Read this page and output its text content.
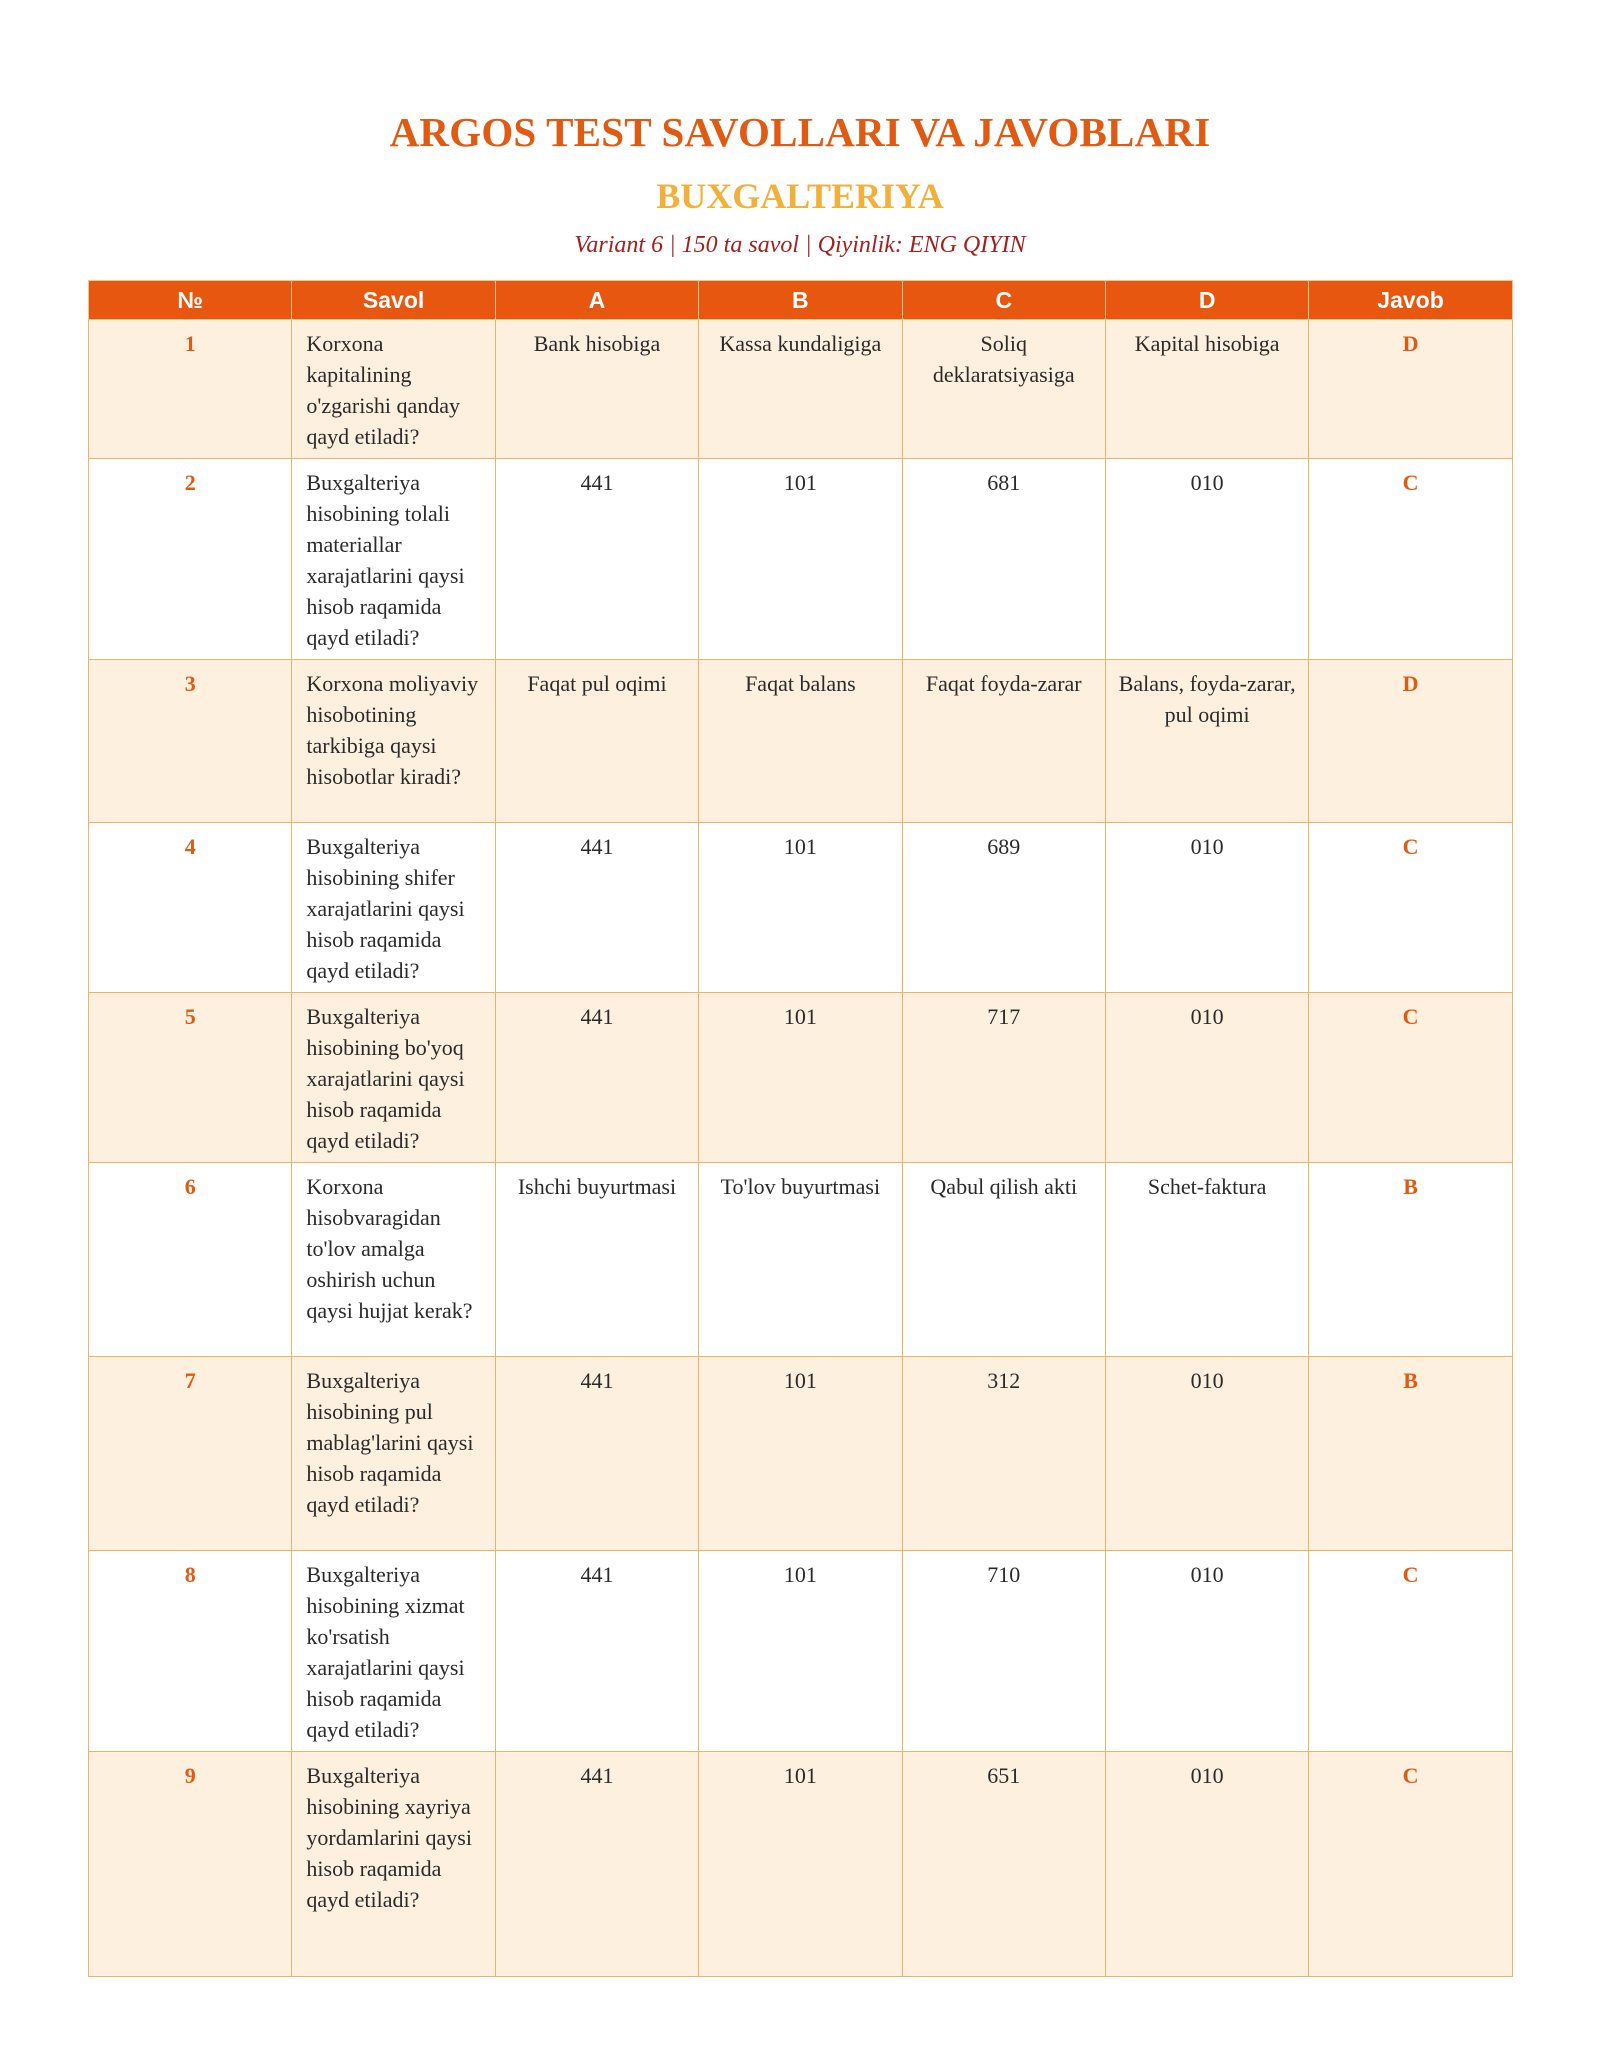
ARGOS TEST SAVOLLARI VA JAVOBLARI
BUXGALTERIYA
Variant 6 | 150 ta savol | Qiyinlik: ENG QIYIN
№	Savol	A	B	C	D	Javob
1	Korxona kapitalining o'zgarishi qanday qayd etiladi?	Bank hisobiga	Kassa kundaligiga	Soliq deklaratsiyasiga	Kapital hisobiga	D
2	Buxgalteriya hisobining tolali materiallar xarajatlarini qaysi hisob raqamida qayd etiladi?	441	101	681	010	C
3	Korxona moliyaviy hisobotining tarkibiga qaysi hisobotlar kiradi?	Faqat pul oqimi	Faqat balans	Faqat foyda-zarar	Balans, foyda-zarar, pul oqimi	D
4	Buxgalteriya hisobining shifer xarajatlarini qaysi hisob raqamida qayd etiladi?	441	101	689	010	C
5	Buxgalteriya hisobining bo'yoq xarajatlarini qaysi hisob raqamida qayd etiladi?	441	101	717	010	C
6	Korxona hisobvaragidan to'lov amalga oshirish uchun qaysi hujjat kerak?	Ishchi buyurtmasi	To'lov buyurtmasi	Qabul qilish akti	Schet-faktura	B
7	Buxgalteriya hisobining pul mablag'larini qaysi hisob raqamida qayd etiladi?	441	101	312	010	B
8	Buxgalteriya hisobining xizmat ko'rsatish xarajatlarini qaysi hisob raqamida qayd etiladi?	441	101	710	010	C
9	Buxgalteriya hisobining xayriya yordamlarini qaysi hisob raqamida qayd etiladi?	441	101	651	010	C
